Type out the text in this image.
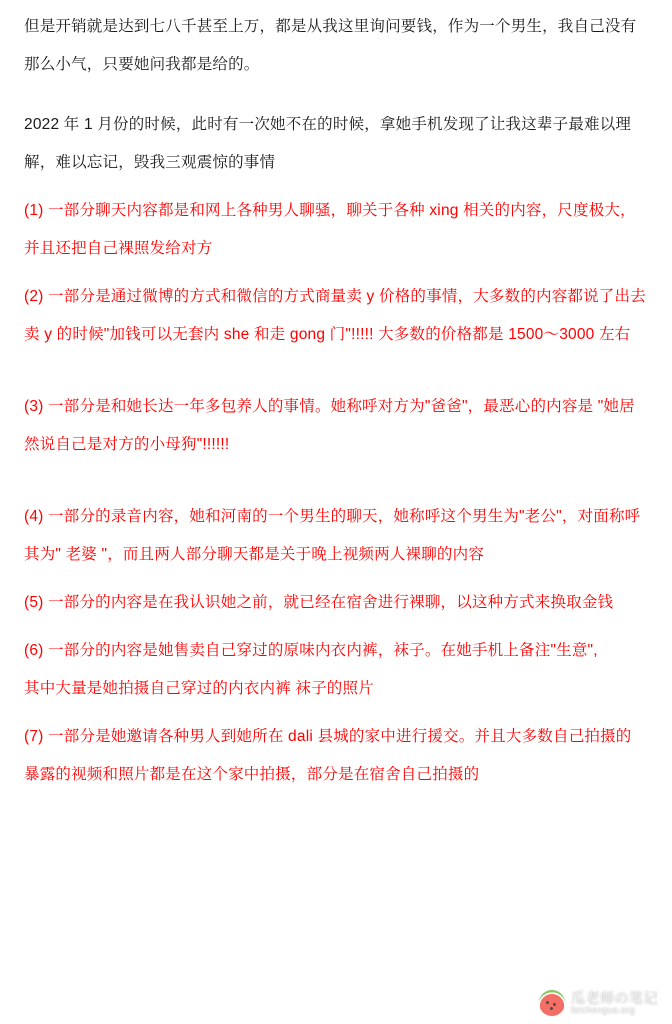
但是开销就是达到七八千甚至上万，都是从我这里询问要钱，作为一个男生，我自己没有那么小气，只要她问我都是给的。

2022 年 1 月份的时候，此时有一次她不在的时候，拿她手机发现了让我这辈子最难以理解，难以忘记，毁我三观震惊的事情

(1) 一部分聊天内容都是和网上各种男人聊骚，聊关于各种 xing 相关的内容，尺度极大，并且还把自己裸照发给对方

(2) 一部分是通过微博的方式和微信的方式商量卖 y 价格的事情，大多数的内容都说了出去卖 y 的时候"加钱可以无套内 she 和走 gong 门"!!!!! 大多数的价格都是 1500～3000 左右

(3) 一部分是和她长达一年多包养人的事情。她称呼对方为"爸爸"，最恶心的内容是 "她居然说自己是对方的小母狗"!!!!!!

(4) 一部分的录音内容，她和河南的一个男生的聊天，她称呼这个男生为"老公"，对面称呼其为" 老婆 "，而且两人部分聊天都是关于晚上视频两人裸聊的内容

(5) 一部分的内容是在我认识她之前，就已经在宿舍进行裸聊，以这种方式来换取金钱

(6) 一部分的内容是她售卖自己穿过的原味内衣内裤，袜子。在她手机上备注"生意",

其中大量是她拍摄自己穿过的内衣内裤 袜子的照片

(7) 一部分是她邀请各种男人到她所在 dali 县城的家中进行援交。并且大多数自己拍摄的

暴露的视频和照片都是在这个家中拍摄，部分是在宿舍自己拍摄的

瓜老师の笔记
feichengua.org
